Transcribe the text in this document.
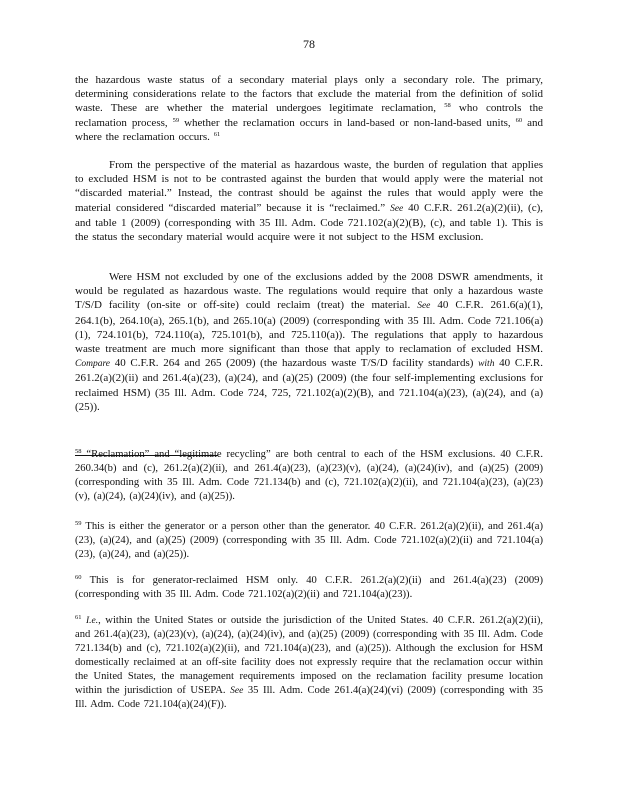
78

the hazardous waste status of a secondary material plays only a secondary role. The primary, determining considerations relate to the factors that exclude the material from the definition of solid waste. These are whether the material undergoes legitimate reclamation, $^{58}$ who controls the reclamation process, $^{59}$ whether the reclamation occurs in land-based or non-land-based units, $^{60}$ and where the reclamation occurs. $^{61}$

From the perspective of the material as hazardous waste, the burden of regulation that applies to excluded HSM is not to be contrasted against the burden that would apply were the material not “discarded material.” Instead, the contrast should be against the rules that would apply were the material considered “discarded material” because it is “reclaimed.” See 40 C.F.R. 261.2(a)(2)(ii), (c), and table 1 (2009) (corresponding with 35 Ill. Adm. Code 721.102(a)(2)(B), (c), and table 1). This is the status the secondary material would acquire were it not subject to the HSM exclusion.

Were HSM not excluded by one of the exclusions added by the 2008 DSWR amendments, it would be regulated as hazardous waste. The regulations would require that only a hazardous waste T/S/D facility (on-site or off-site) could reclaim (treat) the material. See 40 C.F.R. 261.6(a)(1), 264.1(b), 264.10(a), 265.1(b), and 265.10(a) (2009) (corresponding with 35 Ill. Adm. Code 721.106(a)(1), 724.101(b), 724.110(a), 725.101(b), and 725.110(a)). The regulations that apply to hazardous waste treatment are much more significant than those that apply to reclamation of excluded HSM. Compare 40 C.F.R. 264 and 265 (2009) (the hazardous waste T/S/D facility standards) with 40 C.F.R. 261.2(a)(2)(ii) and 261.4(a)(23), (a)(24), and (a)(25) (2009) (the four self-implementing exclusions for reclaimed HSM) (35 Ill. Adm. Code 724, 725, 721.102(a)(2)(B), and 721.104(a)(23), (a)(24), and (a)(25)).

$^{58}$ “Reclamation” and “legitimate recycling” are both central to each of the HSM exclusions. 40 C.F.R. 260.34(b) and (c), 261.2(a)(2)(ii), and 261.4(a)(23), (a)(23)(v), (a)(24), (a)(24)(iv), and (a)(25) (2009) (corresponding with 35 Ill. Adm. Code 721.134(b) and (c), 721.102(a)(2)(ii), and 721.104(a)(23), (a)(23)(v), (a)(24), (a)(24)(iv), and (a)(25)).

$^{59}$ This is either the generator or a person other than the generator. 40 C.F.R. 261.2(a)(2)(ii), and 261.4(a)(23), (a)(24), and (a)(25) (2009) (corresponding with 35 Ill. Adm. Code 721.102(a)(2)(ii) and 721.104(a)(23), (a)(24), and (a)(25)).

$^{60}$ This is for generator-reclaimed HSM only. 40 C.F.R. 261.2(a)(2)(ii) and 261.4(a)(23) (2009) (corresponding with 35 Ill. Adm. Code 721.102(a)(2)(ii) and 721.104(a)(23)).

$^{61}$ I.e., within the United States or outside the jurisdiction of the United States. 40 C.F.R. 261.2(a)(2)(ii), and 261.4(a)(23), (a)(23)(v), (a)(24), (a)(24)(iv), and (a)(25) (2009) (corresponding with 35 Ill. Adm. Code 721.134(b) and (c), 721.102(a)(2)(ii), and 721.104(a)(23), and (a)(25)). Although the exclusion for HSM domestically reclaimed at an off-site facility does not expressly require that the reclamation occur within the United States, the management requirements imposed on the reclamation facility presume location within the jurisdiction of USEPA. See 35 Ill. Adm. Code 261.4(a)(24)(vi) (2009) (corresponding with 35 Ill. Adm. Code 721.104(a)(24)(F)).
